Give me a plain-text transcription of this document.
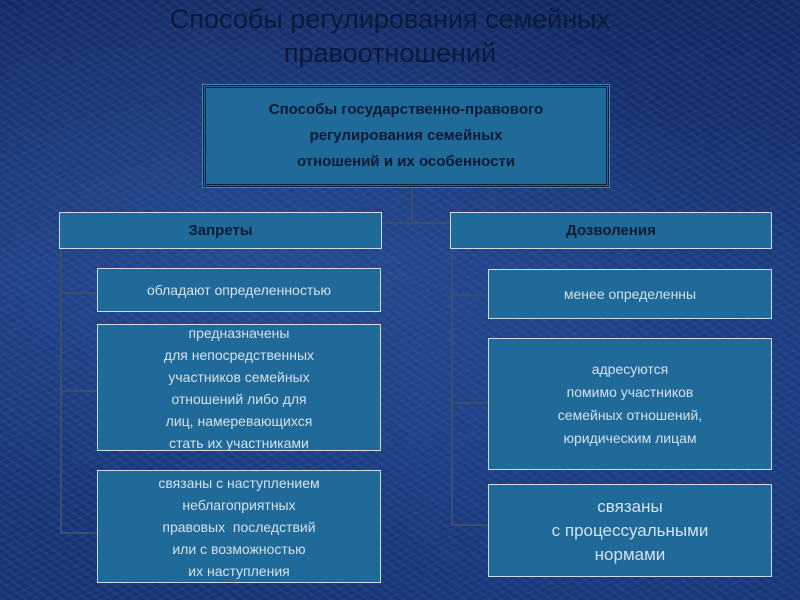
Способы регулирования семейных
правоотношений
Способы государственно-правового
регулирования семейных
отношений и их особенности
Запреты	Дозволения
обладают определенностью
предназначены
для непосредственных
участников семейных
отношений либо для
лиц, намеревающихся
стать их участниками
связаны с наступлением
неблагоприятных
правовых  последствий
или с возможностью
их наступления
менее определенны
адресуются
помимо участников
семейных отношений,
юридическим лицам
связаны
с процессуальными
нормами
